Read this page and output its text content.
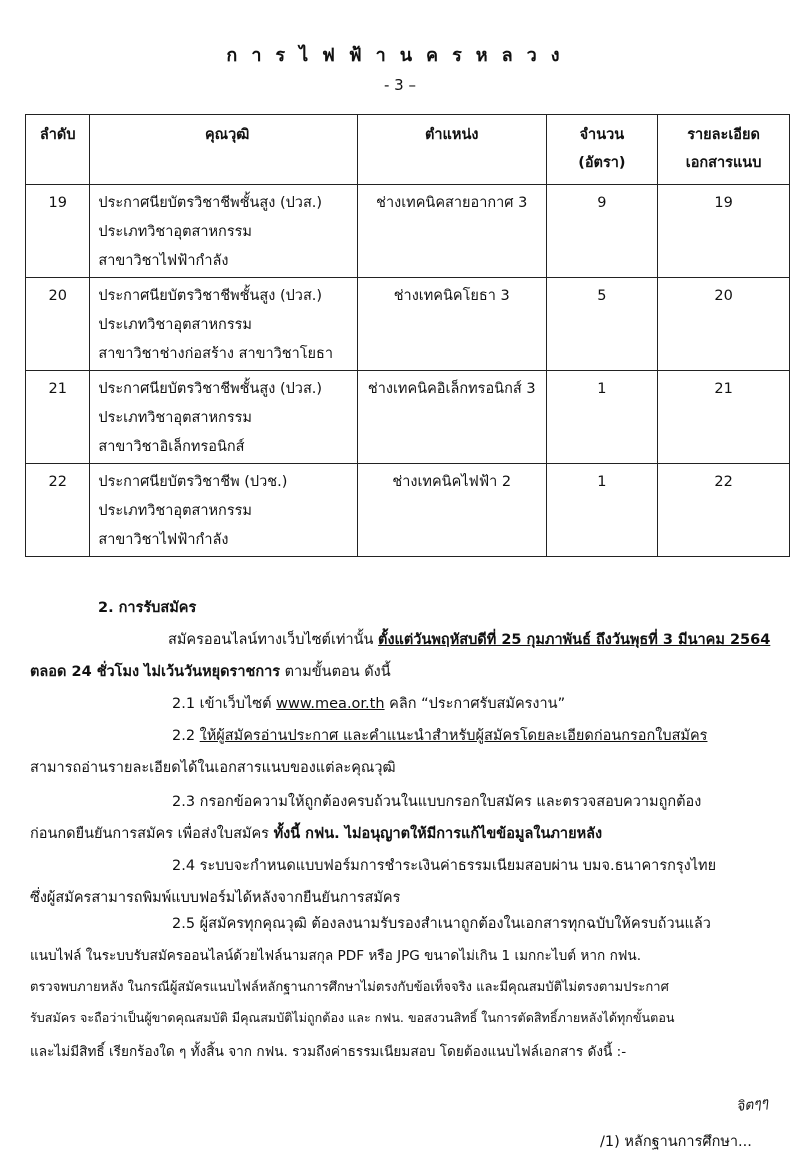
การไฟฟ้านครหลวง
- 3 –
ลำดับ	คุณวุฒิ	ตำแหน่ง	จำนวน
(อัตรา)	รายละเอียด
เอกสารแนบ

19	ประกาศนียบัตรวิชาชีพชั้นสูง (ปวส.)
ประเภทวิชาอุตสาหกรรม
สาขาวิชาไฟฟ้ากำลัง	ช่างเทคนิคสายอากาศ 3	9	19
20	ประกาศนียบัตรวิชาชีพชั้นสูง (ปวส.)
ประเภทวิชาอุตสาหกรรม
สาขาวิชาช่างก่อสร้าง สาขาวิชาโยธา	ช่างเทคนิคโยธา 3	5	20
21	ประกาศนียบัตรวิชาชีพชั้นสูง (ปวส.)
ประเภทวิชาอุตสาหกรรม
สาขาวิชาอิเล็กทรอนิกส์	ช่างเทคนิคอิเล็กทรอนิกส์ 3	1	21
22	ประกาศนียบัตรวิชาชีพ (ปวช.)
ประเภทวิชาอุตสาหกรรม
สาขาวิชาไฟฟ้ากำลัง	ช่างเทคนิคไฟฟ้า 2	1	22
2. การรับสมัคร
สมัครออนไลน์ทางเว็บไซต์เท่านั้น ตั้งแต่วันพฤหัสบดีที่ 25 กุมภาพันธ์ ถึงวันพุธที่ 3 มีนาคม 2564
ตลอด 24 ชั่วโมง ไม่เว้นวันหยุดราชการ ตามขั้นตอน ดังนี้
2.1 เข้าเว็บไซต์ www.mea.or.th คลิก “ประกาศรับสมัครงาน”
2.2 ให้ผู้สมัครอ่านประกาศ และคำแนะนำสำหรับผู้สมัครโดยละเอียดก่อนกรอกใบสมัคร
สามารถอ่านรายละเอียดได้ในเอกสารแนบของแต่ละคุณวุฒิ
2.3 กรอกข้อความให้ถูกต้องครบถ้วนในแบบกรอกใบสมัคร และตรวจสอบความถูกต้อง
ก่อนกดยืนยันการสมัคร เพื่อส่งใบสมัคร ทั้งนี้ กฟน. ไม่อนุญาตให้มีการแก้ไขข้อมูลในภายหลัง
2.4 ระบบจะกำหนดแบบฟอร์มการชำระเงินค่าธรรมเนียมสอบผ่าน บมจ.ธนาคารกรุงไทย
ซึ่งผู้สมัครสามารถพิมพ์แบบฟอร์มได้หลังจากยืนยันการสมัคร
2.5 ผู้สมัครทุกคุณวุฒิ ต้องลงนามรับรองสำเนาถูกต้องในเอกสารทุกฉบับให้ครบถ้วนแล้ว
แนบไฟล์ ในระบบรับสมัครออนไลน์ด้วยไฟล์นามสกุล PDF หรือ JPG ขนาดไม่เกิน 1 เมกกะไบต์ หาก กฟน.
ตรวจพบภายหลัง ในกรณีผู้สมัครแนบไฟล์หลักฐานการศึกษาไม่ตรงกับข้อเท็จจริง และมีคุณสมบัติไม่ตรงตามประกาศ
รับสมัคร จะถือว่าเป็นผู้ขาดคุณสมบัติ มีคุณสมบัติไม่ถูกต้อง และ กฟน. ขอสงวนสิทธิ์ ในการตัดสิทธิ์ภายหลังได้ทุกขั้นตอน
และไม่มีสิทธิ์ เรียกร้องใด ๆ ทั้งสิ้น จาก กฟน. รวมถึงค่าธรรมเนียมสอบ โดยต้องแนบไฟล์เอกสาร ดังนี้ :-
จิตๆๆ
/1) หลักฐานการศึกษา...
